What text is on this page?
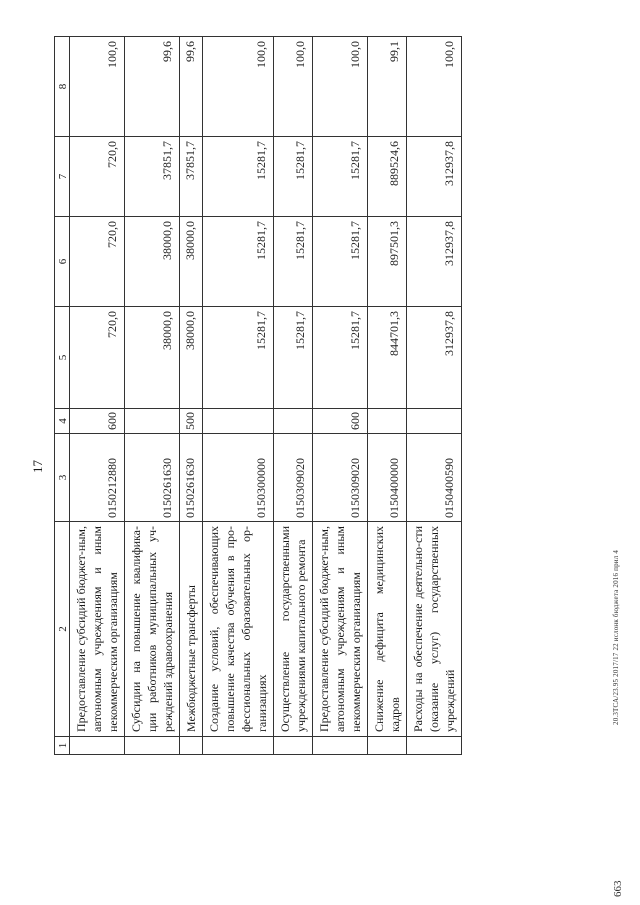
17
663
20.3ТСА/23.95 2017/17 22 ислонк бюджета 2016 прил 4
1	2	3	4	5	6	7	8
	Предоставление субсидий бюджет-ным, автономным учреждениям и иным некоммерческим организациям	0150212880	600	720,0	720,0	720,0	100,0
	Субсидии на повышение квалифика-ции работников муниципальных уч-реждений здравоохранения	0150261630		38000,0	38000,0	37851,7	99,6
	Межбюджетные трансферты	0150261630	500	38000,0	38000,0	37851,7	99,6
	Создание условий, обеспечивающих повышение качества обучения в про-фессиональных образовательных ор-ганизациях	0150300000		15281,7	15281,7	15281,7	100,0
	Осуществление государственными учреждениями капитального ремонта	0150309020		15281,7	15281,7	15281,7	100,0
	Предоставление субсидий бюджет-ным, автономным учреждениям и иным некоммерческим организациям	0150309020	600	15281,7	15281,7	15281,7	100,0
	Снижение дефицита медицинских кадров	0150400000		844701,3	897501,3	889524,6	99,1
	Расходы на обеспечение деятельно-сти (оказание услуг) государственных учреждений	0150400590		312937,8	312937,8	312937,8	100,0
